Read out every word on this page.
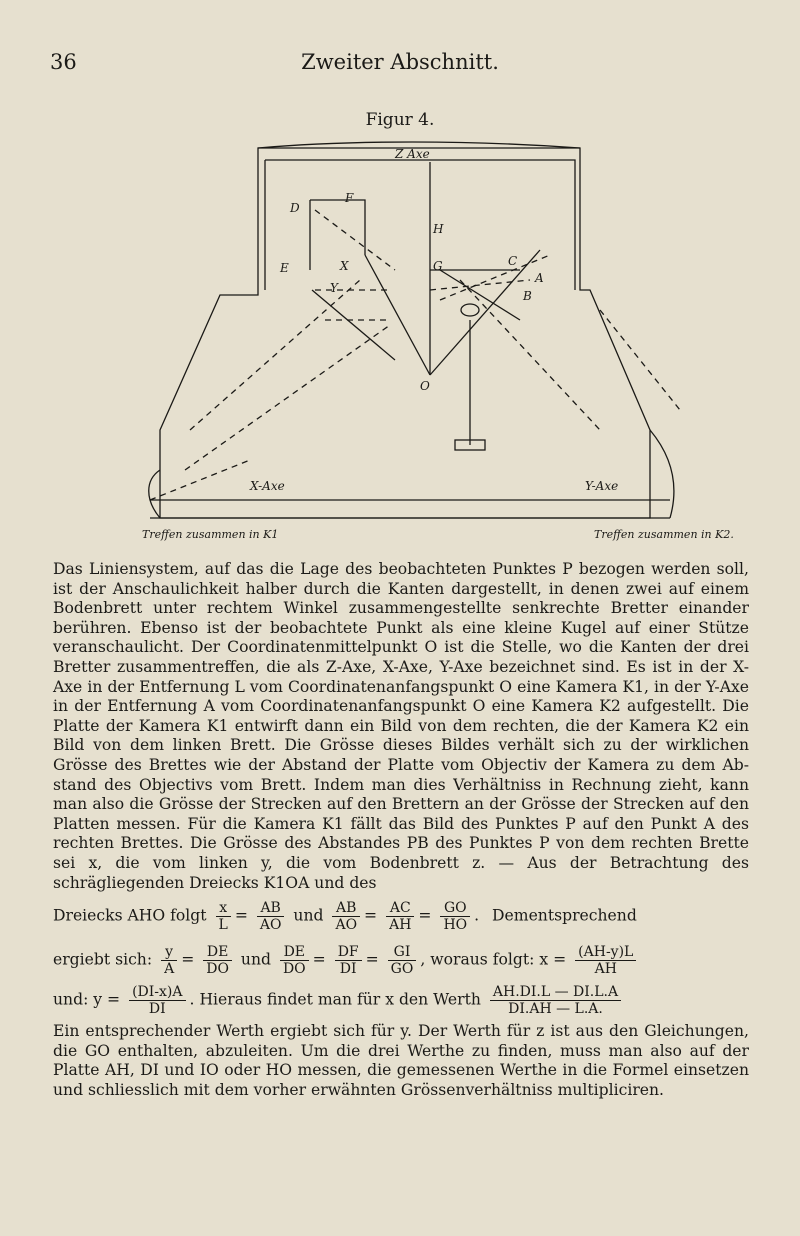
36	Zweiter Abschnitt.
Figur 4.
Z Axe
D
F
E	X
Y
H
G	C
A
B
O
X-Axe	Y-Axe
Treffen zusammen in K1	Treffen zusammen in K2.
Das Liniensystem, auf das die Lage des beobachteten Punktes P bezogen werden soll, ist der Anschaulichkeit halber durch die Kanten dargestellt, in denen zwei auf einem Bodenbrett unter rechtem Winkel zusammengestellte senkrechte Bretter einander berühren. Ebenso ist der beobachtete Punkt als eine kleine Kugel auf einer Stütze veranschaulicht. Der Coordinatenmittelpunkt O ist die Stelle, wo die Kanten der drei Bretter zusammentreffen, die als Z-Axe, X-Axe, Y-Axe bezeichnet sind. Es ist in der X-Axe in der Entfernung L vom Coordinatenanfangspunkt O eine Kamera K1, in der Y-Axe in der Entfernung A vom Coordinatenanfangspunkt O eine Kamera K2 aufgestellt. Die Platte der Kamera K1 entwirft dann ein Bild von dem rechten, die der Kamera K2 ein Bild von dem linken Brett. Die Grösse dieses Bildes verhält sich zu der wirklichen Grösse des Brettes wie der Abstand der Platte vom Objectiv der Kamera zu dem Abstand des Objectivs vom Brett. Indem man dies Verhältniss in Rechnung zieht, kann man also die Grösse der Strecken auf den Brettern an der Grösse der Strecken auf den Platten messen. Für die Kamera K1 fällt das Bild des Punktes P auf den Punkt A des rechten Brettes. Die Grösse des Abstandes PB des Punktes P von dem rechten Brette sei x, die vom linken y, die vom Bodenbrett z. — Aus der Betrachtung des schrägliegenden Dreiecks K1OA und des
Dreiecks AHO folgt $\frac{x}{L} = \frac{AB}{AO}$ und $\frac{AB}{AO} = \frac{AC}{AH} = \frac{GO}{HO}$ . Dementsprechend
ergiebt sich: $\frac{y}{A} = \frac{DE}{DO}$ und $\frac{DE}{DO} = \frac{DF}{DI} = \frac{GI}{GO}$ , woraus folgt: $x = \frac{(AH-y)L}{AH}$
und: $y = \frac{(DI-x)A}{DI}$ . Hieraus findet man für x den Werth $\frac{AH.DI.L — DI.L.A}{DI.AH — L.A.}$
Ein entsprechender Werth ergiebt sich für y. Der Werth für z ist aus den Gleichungen, die GO enthalten, abzuleiten. Um die drei Werthe zu finden, muss man also auf der Platte AH, DI und IO oder HO messen, die gemessenen Werthe in die Formel einsetzen und schliesslich mit dem vorher erwähnten Grössenverhältniss multipliciren.
